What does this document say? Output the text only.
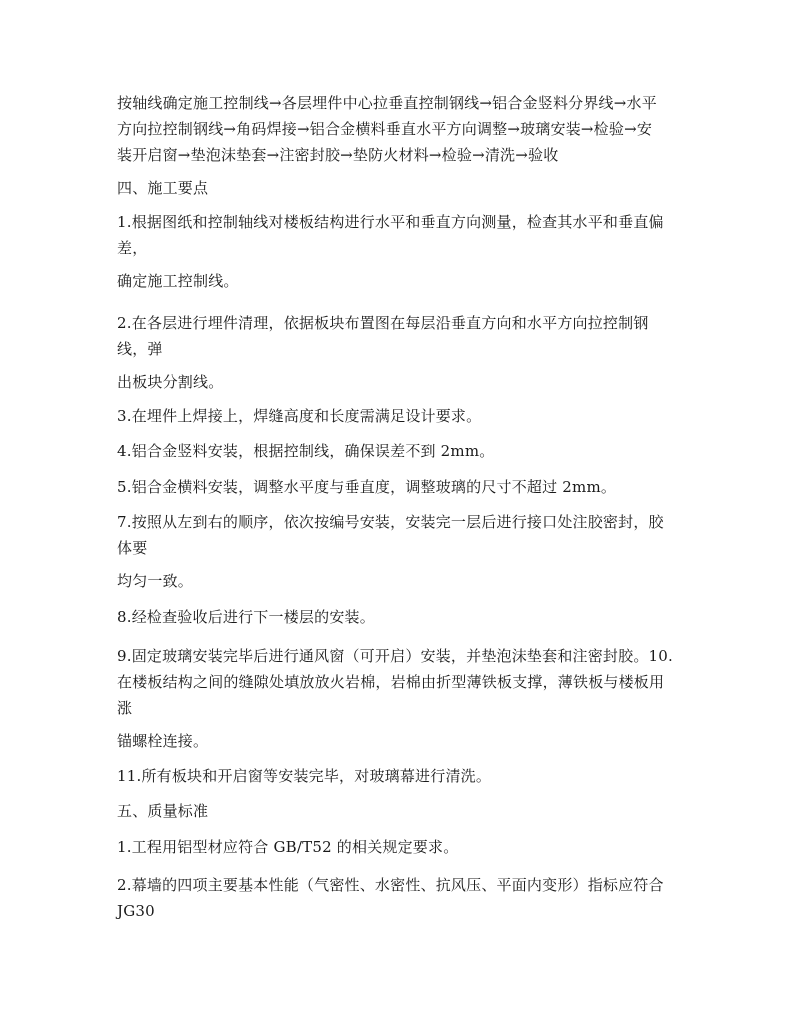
按轴线确定施工控制线→各层埋件中心拉垂直控制钢线→铝合金竖料分界线→水平
方向拉控制钢线→角码焊接→铝合金横料垂直水平方向调整→玻璃安装→检验→安
装开启窗→垫泡沫垫套→注密封胶→垫防火材料→检验→清洗→验收
四、施工要点
1.根据图纸和控制轴线对楼板结构进行水平和垂直方向测量，检查其水平和垂直偏
差，
确定施工控制线。
2.在各层进行埋件清理，依据板块布置图在每层沿垂直方向和水平方向拉控制钢
线，弹
出板块分割线。
3.在埋件上焊接上，焊缝高度和长度需满足设计要求。
4.铝合金竖料安装，根据控制线，确保误差不到 2mm。
5.铝合金横料安装，调整水平度与垂直度，调整玻璃的尺寸不超过 2mm。
7.按照从左到右的顺序，依次按编号安装，安装完一层后进行接口处注胶密封，胶
体要
均匀一致。
8.经检查验收后进行下一楼层的安装。
9.固定玻璃安装完毕后进行通风窗（可开启）安装，并垫泡沫垫套和注密封胶。10.
在楼板结构之间的缝隙处填放放火岩棉，岩棉由折型薄铁板支撑，薄铁板与楼板用
涨
锚螺栓连接。
11.所有板块和开启窗等安装完毕，对玻璃幕进行清洗。
五、质量标准
1.工程用铝型材应符合 GB/T52 的相关规定要求。
2.幕墙的四项主要基本性能（气密性、水密性、抗风压、平面内变形）指标应符合
JG30
